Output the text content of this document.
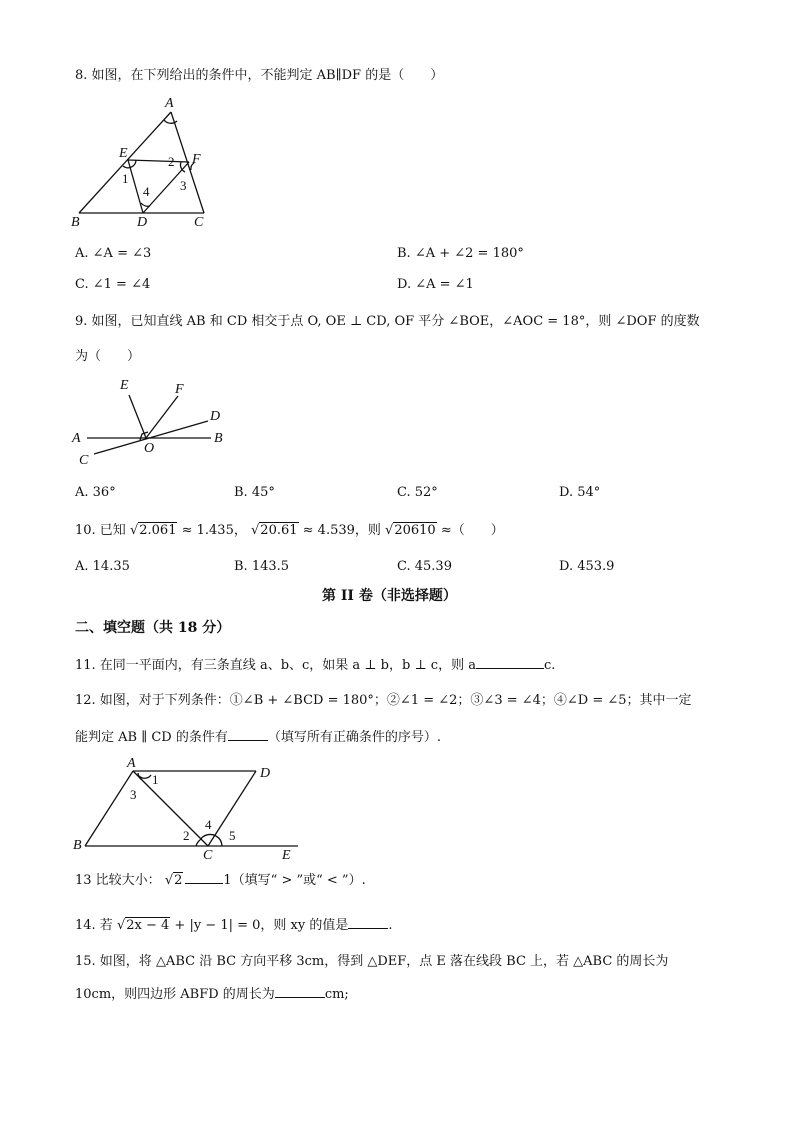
8. 如图，在下列给出的条件中，不能判定 AB∥DF 的是（　　）
A
E	F
B	D	C
1
2
3
4
A. ∠A = ∠3	B. ∠A + ∠2 = 180°
C. ∠1 = ∠4	D. ∠A = ∠1
9. 如图，已知直线 AB 和 CD 相交于点 O, OE ⊥ CD, OF 平分 ∠BOE，∠AOC = 18°，则 ∠DOF 的度数
为（　　）
E	F
D
A	B
O
C
A. 36°	B. 45°	C. 52°	D. 54°
10. 已知 √2.061 ≈ 1.435， √20.61 ≈ 4.539，则 √20610 ≈（　　）
A. 14.35	B. 143.5	C. 45.39	D. 453.9
第 II 卷（非选择题）
二、填空题（共 18 分）
11. 在同一平面内，有三条直线 a、b、c，如果 a ⊥ b，b ⊥ c，则 a	c.
12. 如图，对于下列条件：①∠B + ∠BCD = 180°；②∠1 = ∠2；③∠3 = ∠4；④∠D = ∠5；其中一定
能判定 AB ∥ CD 的条件有	（填写所有正确条件的序号）.
A
D
B
C	E
1
2
3
4
5
13 比较大小： √2	1（填写“ > ”或“ < ”）.
14. 若 √2x − 4 + |y − 1| = 0，则 xy 的值是	.
15. 如图，将 △ABC 沿 BC 方向平移 3cm，得到 △DEF，点 E 落在线段 BC 上，若 △ABC 的周长为
10cm，则四边形 ABFD 的周长为	cm;
